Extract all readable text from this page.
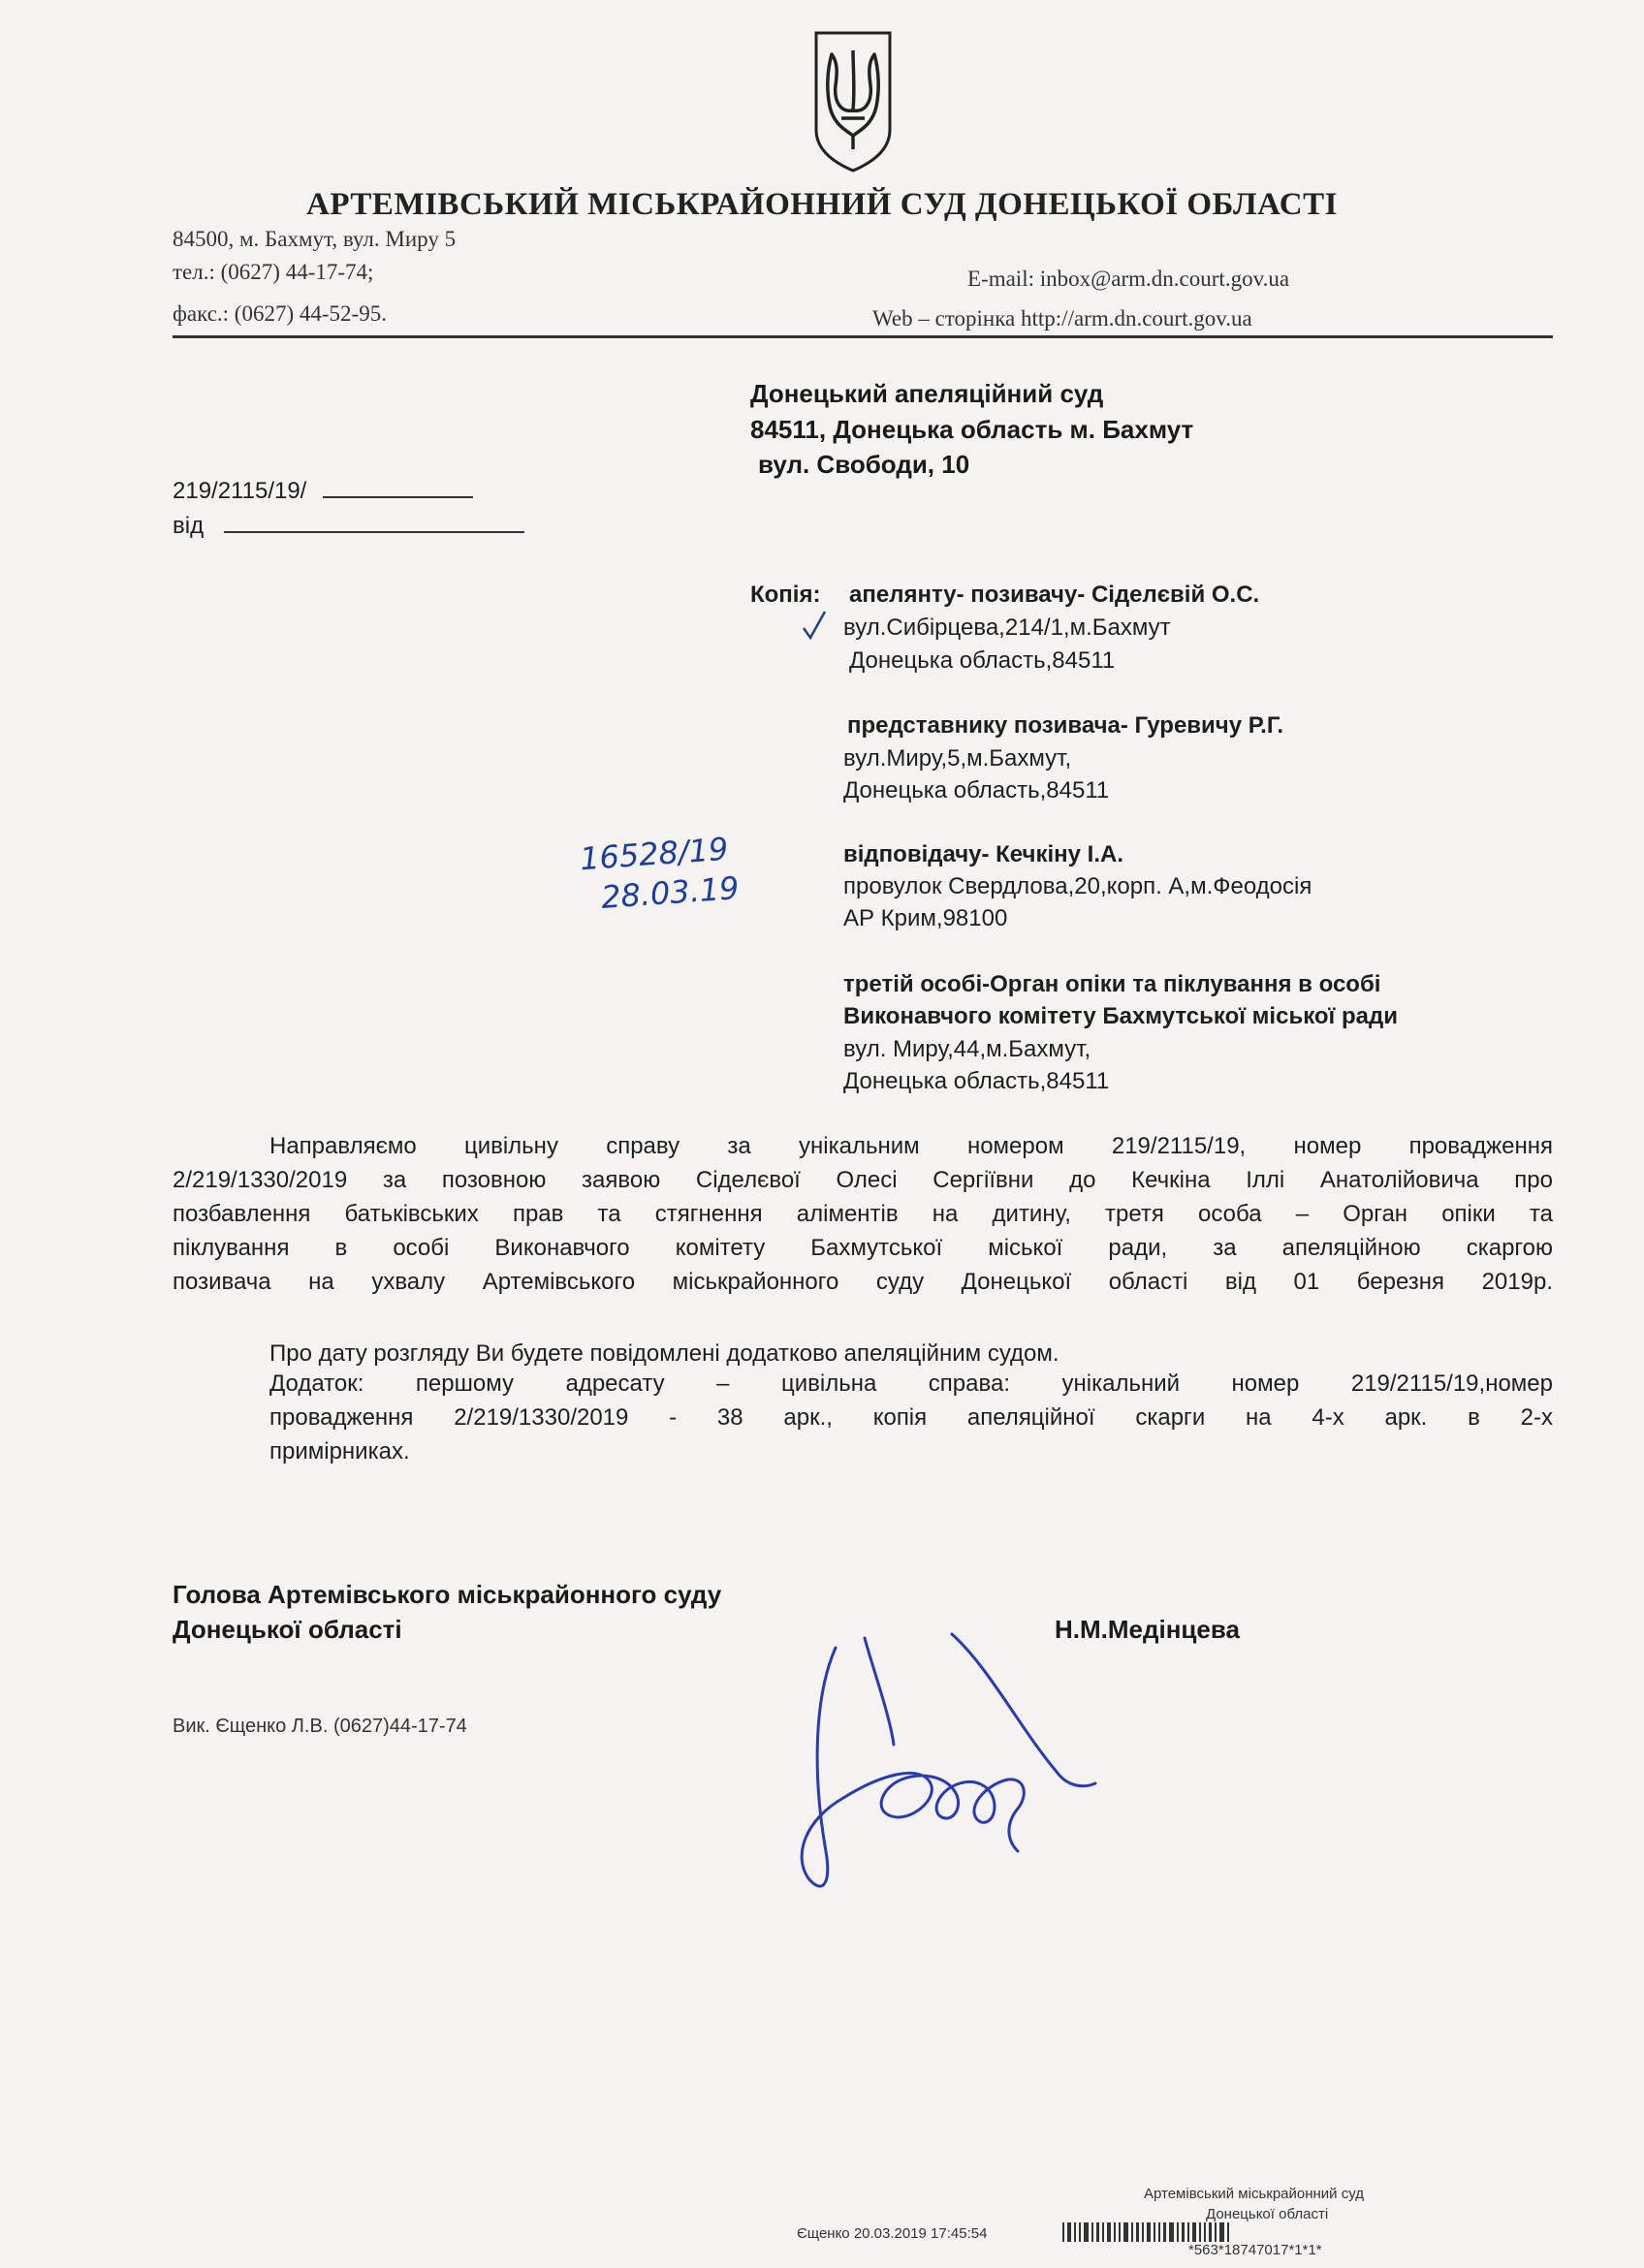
АРТЕМІВСЬКИЙ МІСЬКРАЙОННИЙ СУД ДОНЕЦЬКОЇ ОБЛАСТІ
84500, м. Бахмут, вул. Миру 5
тел.: (0627) 44-17-74;
факс.: (0627) 44-52-95.
E-mail: inbox@arm.dn.court.gov.ua
Web – сторінка http://arm.dn.court.gov.ua
Донецький апеляційний суд
84511, Донецька область м. Бахмут
вул. Свободи, 10
219/2115/19/
від
Копія: апелянту- позивачу- Сіделєвій О.С.
вул.Сибірцева,214/1,м.Бахмут
Донецька область,84511
представнику позивача- Гуревичу Р.Г.
вул.Миру,5,м.Бахмут,
Донецька область,84511
відповідачу- Кечкіну І.А.
провулок Свердлова,20,корп. А,м.Феодосія
АР Крим,98100
третій особі-Орган опіки та піклування в особі
Виконавчого комітету Бахмутської міської ради
вул. Миру,44,м.Бахмут,
Донецька область,84511
16528/19
28.03.19
Направляємо цивільну справу за унікальним номером 219/2115/19, номер провадження
2/219/1330/2019 за позовною заявою Сіделєвої Олесі Сергіївни до Кечкіна Іллі Анатолійовича про
позбавлення батьківських прав та стягнення аліментів на дитину, третя особа – Орган опіки та
піклування в особі Виконавчого комітету Бахмутської міської ради, за апеляційною скаргою
позивача на ухвалу Артемівського міськрайонного суду Донецької області від 01 березня 2019р.
Про дату розгляду Ви будете повідомлені додатково апеляційним судом.
Додаток: першому адресату – цивільна справа: унікальний номер 219/2115/19,номер
провадження 2/219/1330/2019 - 38 арк., копія апеляційної скарги на 4-х арк. в 2-х
примірниках.
Голова Артемівського міськрайонного суду
Донецької області	Н.М.Медінцева
Вик. Єщенко Л.В. (0627)44-17-74
Артемівський міськрайонний суд
Донецької області
Єщенко 20.03.2019 17:45:54
*563*18747017*1*1*
